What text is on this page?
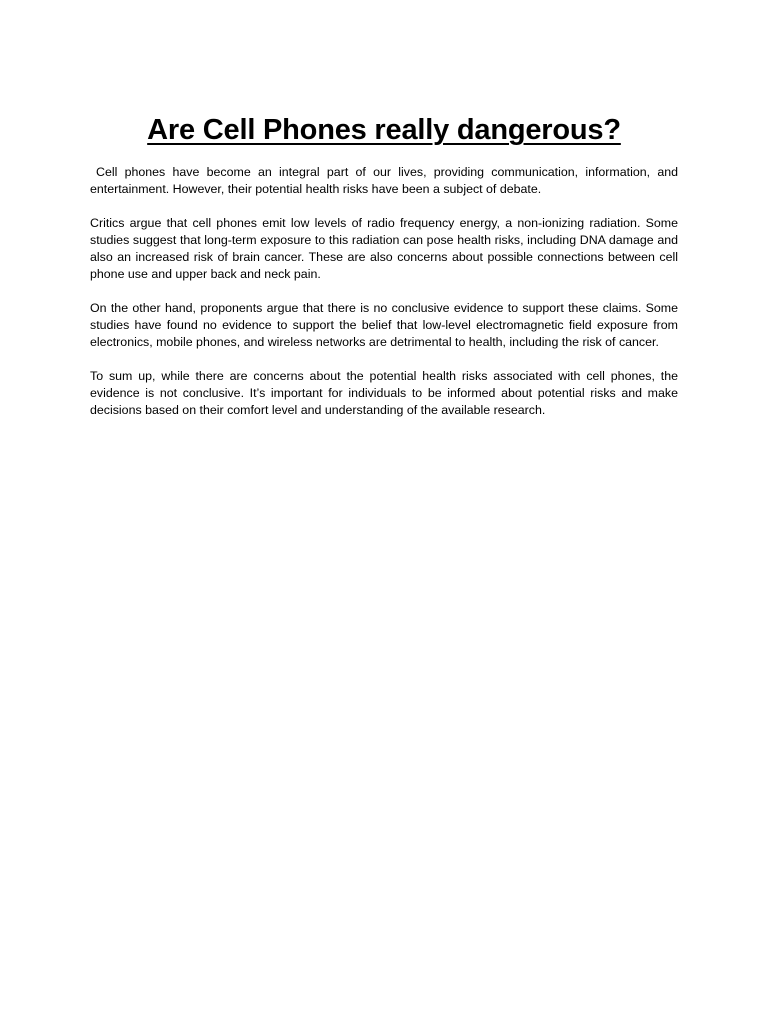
Are Cell Phones really dangerous?

Cell phones have become an integral part of our lives, providing communication, information, and entertainment. However, their potential health risks have been a subject of debate.

Critics argue that cell phones emit low levels of radio frequency energy, a non-ionizing radiation. Some studies suggest that long-term exposure to this radiation can pose health risks, including DNA damage and also an increased risk of brain cancer. These are also concerns about possible connections between cell phone use and upper back and neck pain.

On the other hand, proponents argue that there is no conclusive evidence to support these claims. Some studies have found no evidence to support the belief that low-level electromagnetic field exposure from electronics, mobile phones, and wireless networks are detrimental to health, including the risk of cancer.

To sum up, while there are concerns about the potential health risks associated with cell phones, the evidence is not conclusive. It’s important for individuals to be informed about potential risks and make decisions based on their comfort level and understanding of the available research.
